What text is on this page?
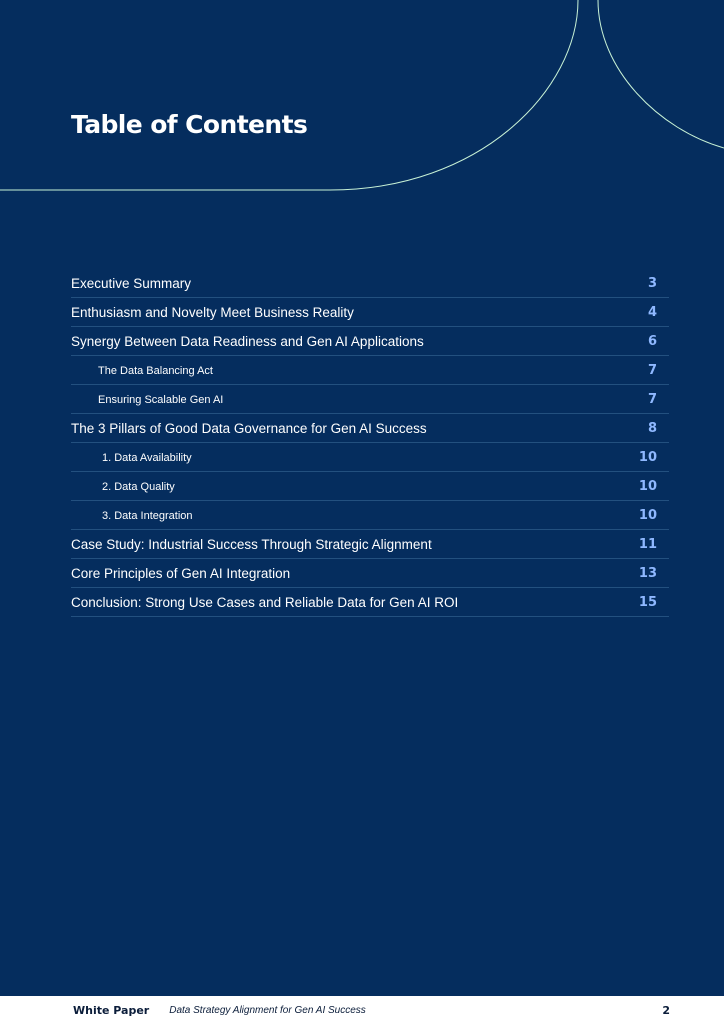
Table of Contents
Executive Summary	3
Enthusiasm and Novelty Meet Business Reality	4
Synergy Between Data Readiness and Gen AI Applications	6
The Data Balancing Act	7
Ensuring Scalable Gen AI	7
The 3 Pillars of Good Data Governance for Gen AI Success	8
1. Data Availability	10
2. Data Quality	10
3. Data Integration	10
Case Study: Industrial Success Through Strategic Alignment	11
Core Principles of Gen AI Integration	13
Conclusion: Strong Use Cases and Reliable Data for Gen AI ROI	15
White Paper Data Strategy Alignment for Gen AI Success	2
